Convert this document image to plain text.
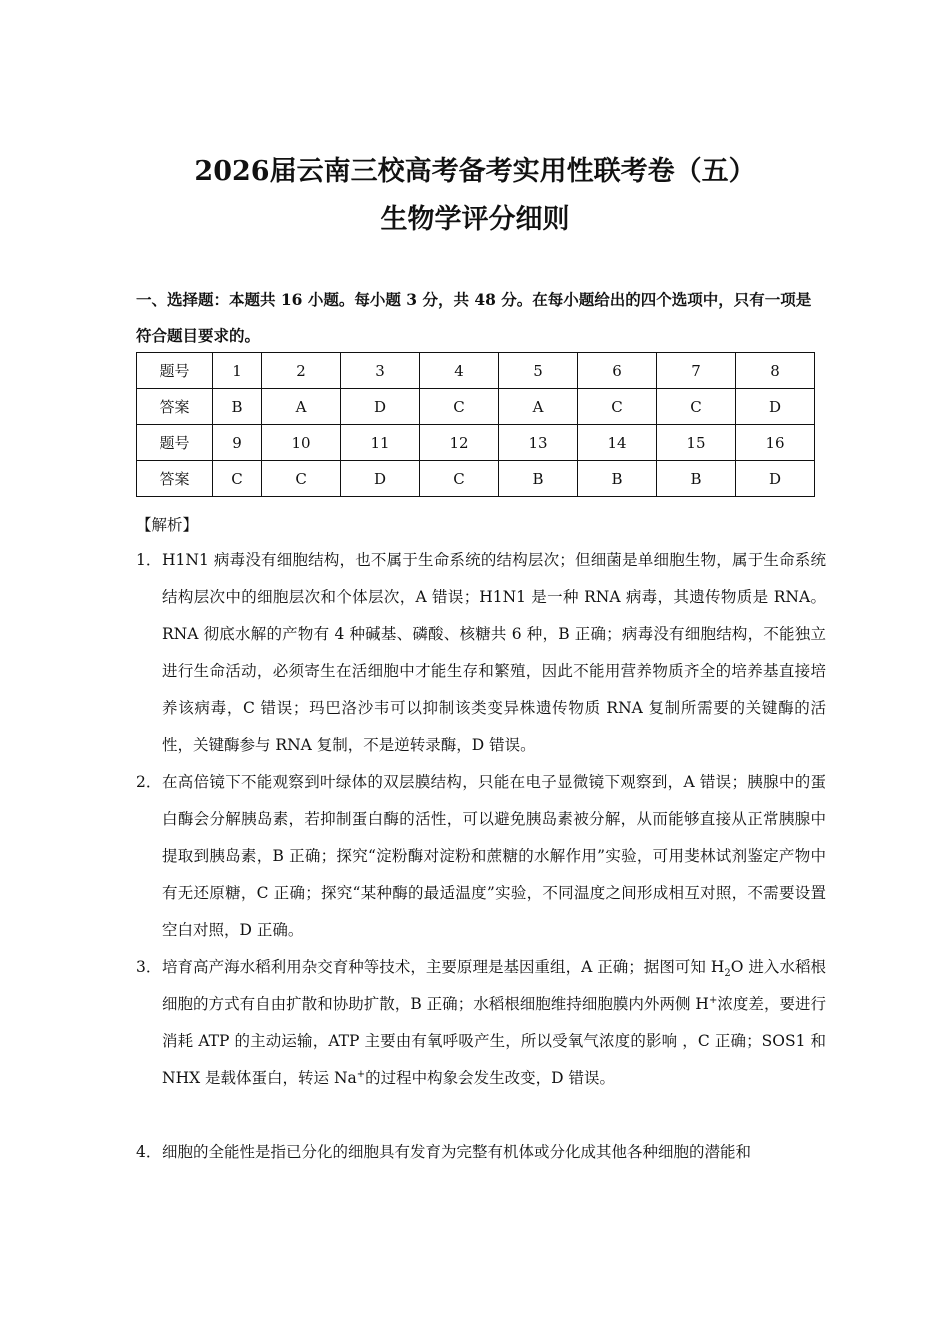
2026届云南三校高考备考实用性联考卷（五）
生物学评分细则
一、选择题：本题共 16 小题。每小题 3 分，共 48 分。在每小题给出的四个选项中，只有一项是符合题目要求的。
题号	1	2	3	4	5	6	7	8
答案	B	A	D	C	A	C	C	D
题号	9	10	11	12	13	14	15	16
答案	C	C	D	C	B	B	B	D
【解析】
1． H1N1 病毒没有细胞结构，也不属于生命系统的结构层次；但细菌是单细胞生物，属于生命系统结构层次中的细胞层次和个体层次，A 错误；H1N1 是一种 RNA 病毒，其遗传物质是 RNA。RNA 彻底水解的产物有 4 种碱基、磷酸、核糖共 6 种，B 正确；病毒没有细胞结构，不能独立进行生命活动，必须寄生在活细胞中才能生存和繁殖，因此不能用营养物质齐全的培养基直接培养该病毒，C 错误；玛巴洛沙韦可以抑制该类变异株遗传物质 RNA 复制所需要的关键酶的活性，关键酶参与 RNA 复制，不是逆转录酶，D 错误。
2． 在高倍镜下不能观察到叶绿体的双层膜结构，只能在电子显微镜下观察到，A 错误；胰腺中的蛋白酶会分解胰岛素，若抑制蛋白酶的活性，可以避免胰岛素被分解，从而能够直接从正常胰腺中提取到胰岛素，B 正确；探究“淀粉酶对淀粉和蔗糖的水解作用”实验，可用斐林试剂鉴定产物中有无还原糖，C 正确；探究“某种酶的最适温度”实验，不同温度之间形成相互对照，不需要设置空白对照，D 正确。
3． 培育高产海水稻利用杂交育种等技术，主要原理是基因重组，A 正确；据图可知 $H_2O$ 进入水稻根细胞的方式有自由扩散和协助扩散，B 正确；水稻根细胞维持细胞膜内外两侧 H+浓度差，要进行消耗 ATP 的主动运输，ATP 主要由有氧呼吸产生，所以受氧气浓度的影响 ，C 正确；SOS1 和 NHX 是载体蛋白，转运 Na+的过程中构象会发生改变，D 错误。
4． 细胞的全能性是指已分化的细胞具有发育为完整有机体或分化成其他各种细胞的潜能和
